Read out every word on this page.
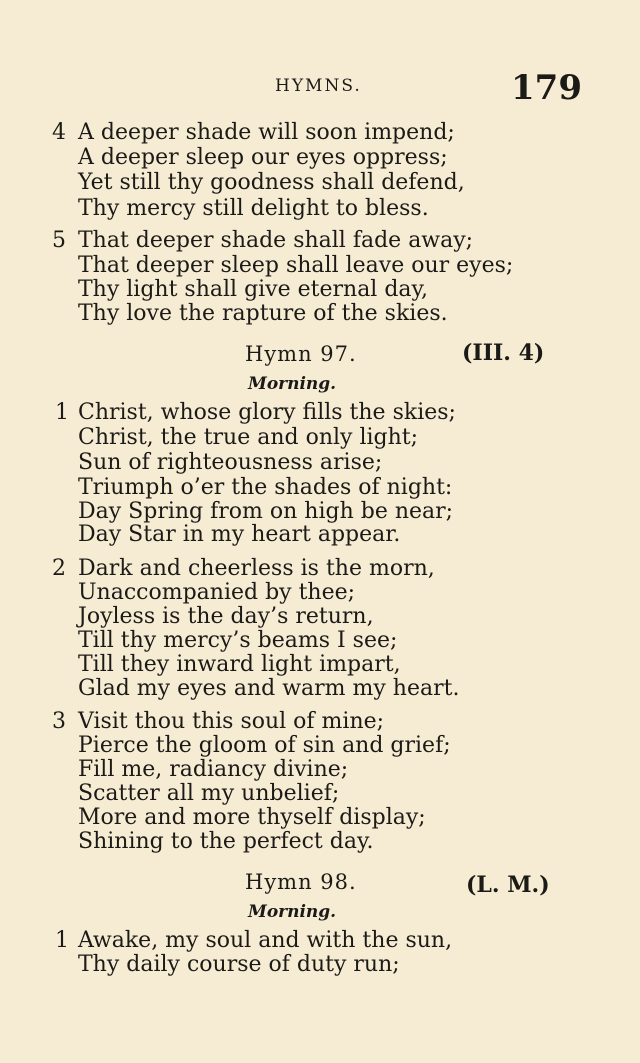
HYMNS.	179
4 A deeper shade will soon impend;
A deeper sleep our eyes oppress;
Yet still thy goodness shall defend,
Thy mercy still delight to bless.
5 That deeper shade shall fade away;
That deeper sleep shall leave our eyes;
Thy light shall give eternal day,
Thy love the rapture of the skies.
Hymn 97.	(III. 4)
Morning.
1 Christ, whose glory fills the skies;
Christ, the true and only light;
Sun of righteousness arise;
Triumph o’er the shades of night:
Day Spring from on high be near;
Day Star in my heart appear.
2 Dark and cheerless is the morn,
Unaccompanied by thee;
Joyless is the day’s return,
Till thy mercy’s beams I see;
Till they inward light impart,
Glad my eyes and warm my heart.
3 Visit thou this soul of mine;
Pierce the gloom of sin and grief;
Fill me, radiancy divine;
Scatter all my unbelief;
More and more thyself display;
Shining to the perfect day.
Hymn 98.	(L. M.)
Morning.
1 Awake, my soul and with the sun,
Thy daily course of duty run;
